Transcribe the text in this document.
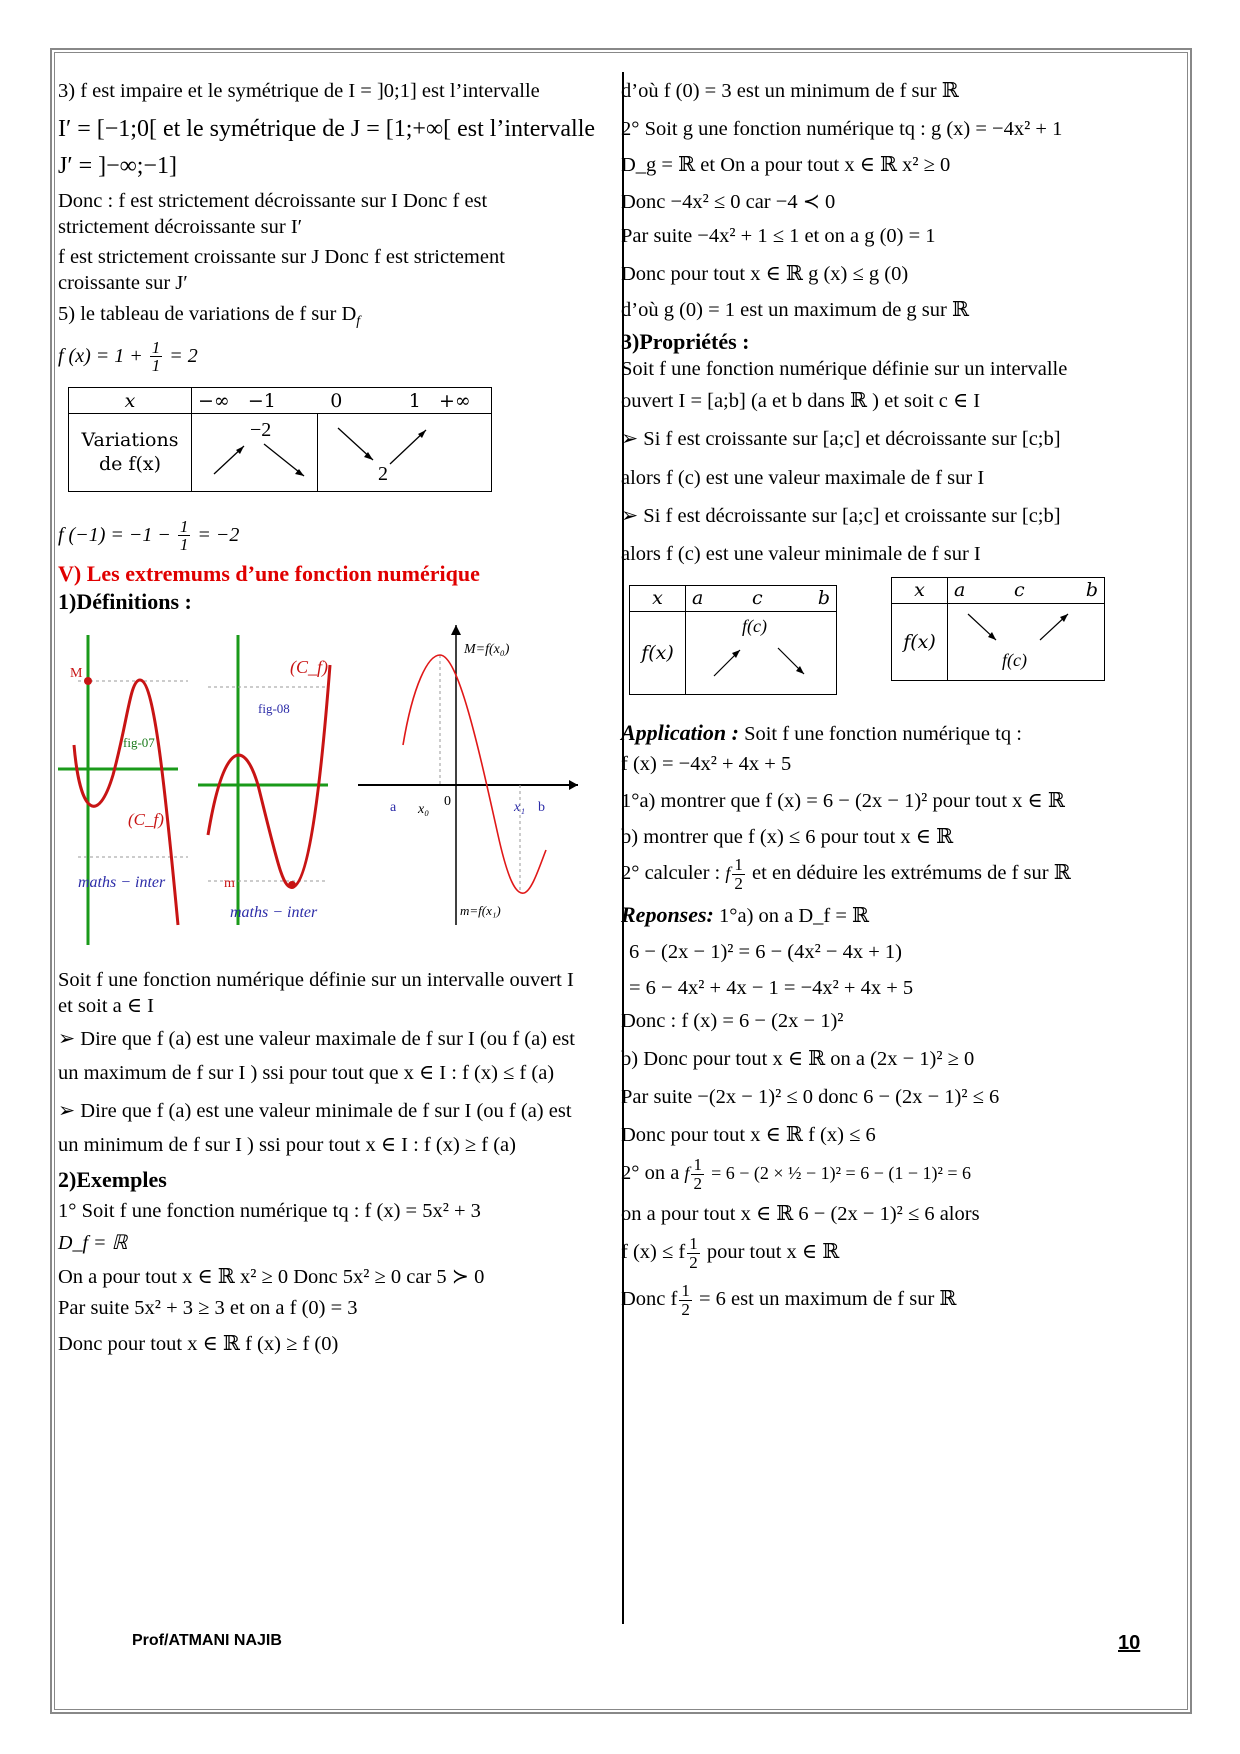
3) f est impaire et le symétrique de I = ]0;1] est l’intervalle

I′ = [−1;0[ et le symétrique de J = [1;+∞[ est l’intervalle

J′ = ]−∞;−1]

Donc : f est strictement décroissante sur I Donc f est strictement décroissante sur I′

f est strictement croissante sur J Donc f est strictement croissante sur J′

5) le tableau de variations de f sur $D_f$

f $(x) = 1 + \frac{1}{1} = 2$

x	−∞   −1         0           1   +∞	

Variations
de f(x)	−2	2

f $(-1) = -1 - \frac{1}{1} = -2$

V) Les extremums d’une fonction numérique

1)Définitions :

M
fig-07
(C_f)
maths − inter
(C_f)
fig-08
m
maths − inter
M=f(x₀)
a x₀
0	x₁ b
m=f(x₁)

Soit f une fonction numérique définie sur un intervalle ouvert I et soit a ∈ I

➢ Dire que f (a) est une valeur maximale de f sur I (ou f (a) est un maximum de f sur I ) ssi pour tout que x ∈ I : f (x) ≤ f (a)

➢ Dire que f (a) est une valeur minimale de f sur I (ou f (a) est un minimum de f sur I ) ssi pour tout x ∈ I : f (x) ≥ f (a)

2)Exemples

1° Soit f une fonction numérique tq : f (x) = 5x² + 3

D_f = ℝ

On a pour tout x ∈ ℝ x² ≥ 0 Donc 5x² ≥ 0 car 5 ≻ 0

Par suite 5x² + 3 ≥ 3 et on a f (0) = 3

Donc pour tout x ∈ ℝ f (x) ≥ f (0)

d’où f (0) = 3 est un minimum de f sur ℝ

2° Soit g une fonction numérique tq : g (x) = −4x² + 1

D_g = ℝ et On a pour tout x ∈ ℝ x² ≥ 0

Donc −4x² ≤ 0 car −4 ≺ 0

Par suite −4x² + 1 ≤ 1 et on a g (0) = 1

Donc pour tout x ∈ ℝ g (x) ≤ g (0)

d’où g (0) = 1 est un maximum de g sur ℝ

3)Propriétés :

Soit f une fonction numérique définie sur un intervalle

ouvert I = [a;b] (a et b dans ℝ ) et soit c ∈ I

➢ Si f est croissante sur [a;c] et décroissante sur [c;b]

alors f (c) est une valeur maximale de f sur I

➢ Si f est décroissante sur [a;c] et croissante sur [c;b]

alors f (c) est une valeur minimale de f sur I

x	a c b

f(x)	f(c)
x	a c b

f(x)	f(c)

Application : Soit f une fonction numérique tq :

f (x) = −4x² + 4x + 5

1°a) montrer que f (x) = 6 − (2x − 1)² pour tout x ∈ ℝ

b) montrer que f (x) ≤ 6 pour tout x ∈ ℝ

2° calculer : f $\frac{1}{2}$ et en déduire les extrémums de f sur ℝ

Reponses: 1°a) on a D_f = ℝ

6 − (2x − 1)² = 6 − (4x² − 4x + 1)

= 6 − 4x² + 4x − 1 = −4x² + 4x + 5

Donc : f (x) = 6 − (2x − 1)²

b) Donc pour tout x ∈ ℝ on a (2x − 1)² ≥ 0

Par suite −(2x − 1)² ≤ 0 donc 6 − (2x − 1)² ≤ 6

Donc pour tout x ∈ ℝ f (x) ≤ 6

2° on a f $\frac{1}{2} = 6 - (2$ × ½ − 1)² = 6 − (1 − 1)² = 6

on a pour tout x ∈ ℝ 6 − (2x − 1)² ≤ 6 alors

f (x) ≤ f $\frac{1}{2}$ pour tout x ∈ ℝ

Donc f $\frac{1}{2} = 6$ est un maximum de f sur ℝ

Prof/ATMANI NAJIB	10
